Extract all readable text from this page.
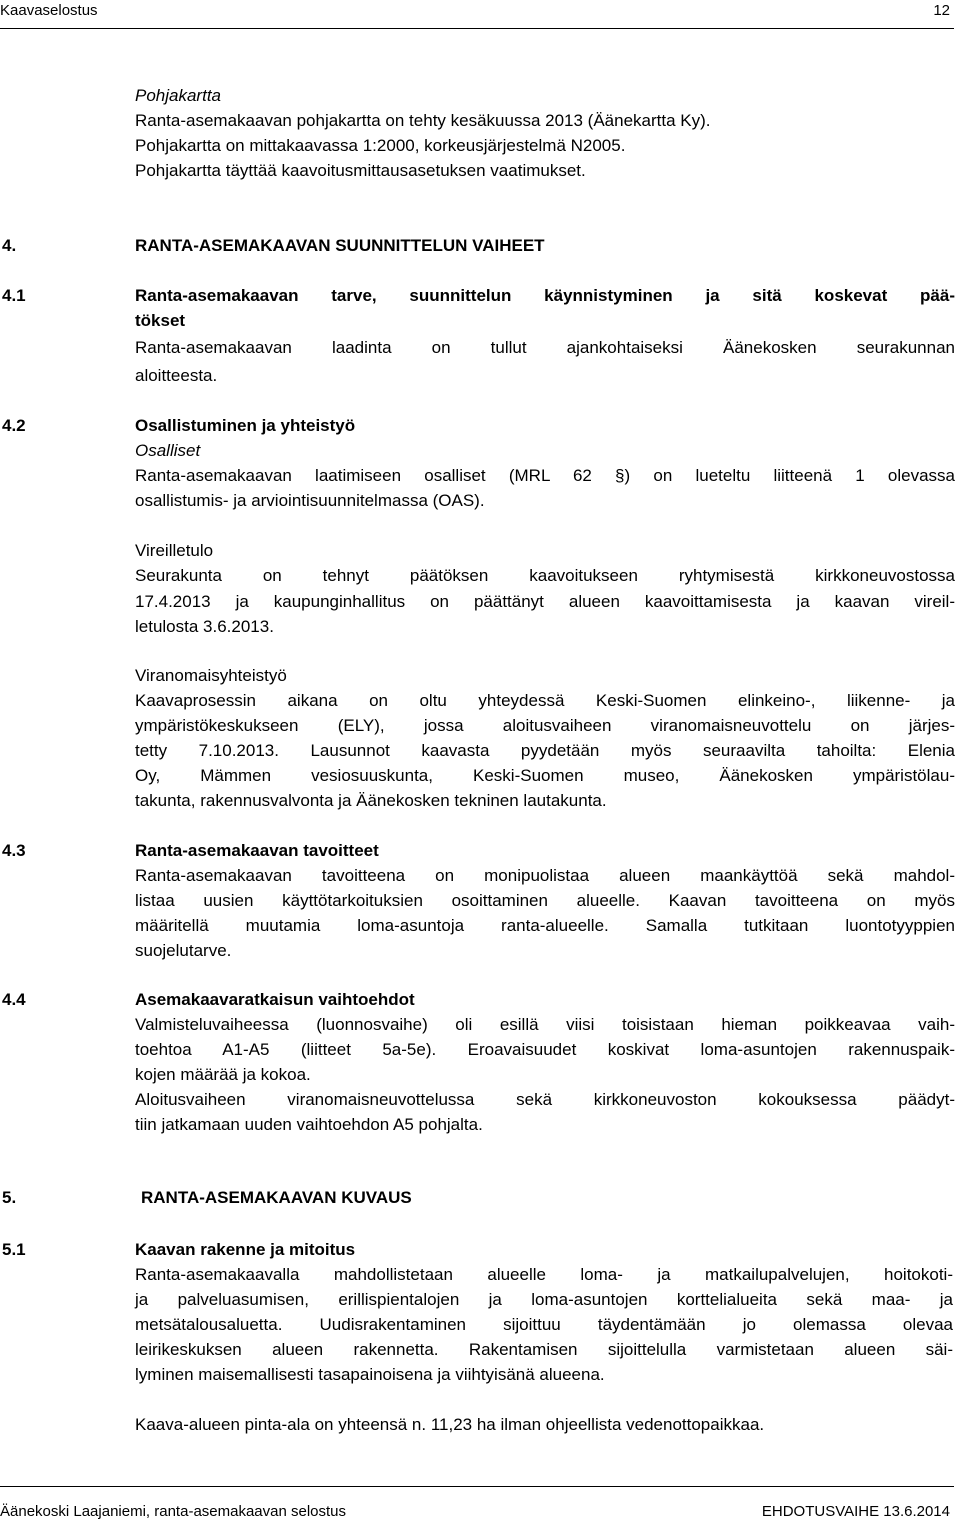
Kaavaselostus	12
Pohjakartta
Ranta-asemakaavan pohjakartta on tehty kesäkuussa 2013 (Äänekartta Ky).
Pohjakartta on mittakaavassa 1:2000, korkeusjärjestelmä N2005.
Pohjakartta täyttää kaavoitusmittausasetuksen vaatimukset.
4.	RANTA-ASEMAKAAVAN SUUNNITTELUN VAIHEET
4.1	Ranta-asemakaavan tarve, suunnittelun käynnistyminen ja sitä koskevat pää-
tökset
Ranta-asemakaavan laadinta on tullut ajankohtaiseksi Äänekosken seurakunnan
aloitteesta.
4.2	Osallistuminen ja yhteistyö
Osalliset
Ranta-asemakaavan laatimiseen osalliset (MRL 62 §) on lueteltu liitteenä 1 olevassa
osallistumis- ja arviointisuunnitelmassa (OAS).
Vireilletulo
Seurakunta on tehnyt päätöksen kaavoitukseen ryhtymisestä kirkkoneuvostossa
17.4.2013 ja kaupunginhallitus on päättänyt alueen kaavoittamisesta ja kaavan vireil-
letulosta 3.6.2013.
Viranomaisyhteistyö
Kaavaprosessin aikana on oltu yhteydessä Keski-Suomen elinkeino-, liikenne- ja
ympäristökeskukseen (ELY), jossa aloitusvaiheen viranomaisneuvottelu on järjes-
tetty 7.10.2013. Lausunnot kaavasta pyydetään myös seuraavilta tahoilta: Elenia
Oy, Mämmen vesiosuuskunta, Keski-Suomen museo, Äänekosken ympäristölau-
takunta, rakennusvalvonta ja Äänekosken tekninen lautakunta.
4.3	Ranta-asemakaavan tavoitteet
Ranta-asemakaavan tavoitteena on monipuolistaa alueen maankäyttöä sekä mahdol-
listaa uusien käyttötarkoituksien osoittaminen alueelle. Kaavan tavoitteena on myös
määritellä muutamia loma-asuntoja ranta-alueelle. Samalla tutkitaan luontotyyppien
suojelutarve.
4.4	Asemakaavaratkaisun vaihtoehdot
Valmisteluvaiheessa (luonnosvaihe) oli esillä viisi toisistaan hieman poikkeavaa vaih-
toehtoa A1-A5 (liitteet 5a-5e). Eroavaisuudet koskivat loma-asuntojen rakennuspaik-
kojen määrää ja kokoa.
Aloitusvaiheen viranomaisneuvottelussa sekä kirkkoneuvoston kokouksessa päädyt-
tiin jatkamaan uuden vaihtoehdon A5 pohjalta.
5.	RANTA-ASEMAKAAVAN KUVAUS
5.1	Kaavan rakenne ja mitoitus
Ranta-asemakaavalla mahdollistetaan alueelle loma- ja matkailupalvelujen, hoitokoti-
ja palveluasumisen, erillispientalojen ja loma-asuntojen korttelialueita sekä maa- ja
metsätalousaluetta. Uudisrakentaminen sijoittuu täydentämään jo olemassa olevaa
leirikeskuksen alueen rakennetta. Rakentamisen sijoittelulla varmistetaan alueen säi-
lyminen maisemallisesti tasapainoisena ja viihtyisänä alueena.
Kaava-alueen pinta-ala on yhteensä n. 11,23 ha ilman ohjeellista vedenottopaikkaa.
Äänekoski Laajaniemi, ranta-asemakaavan selostus	EHDOTUSVAIHE 13.6.2014
